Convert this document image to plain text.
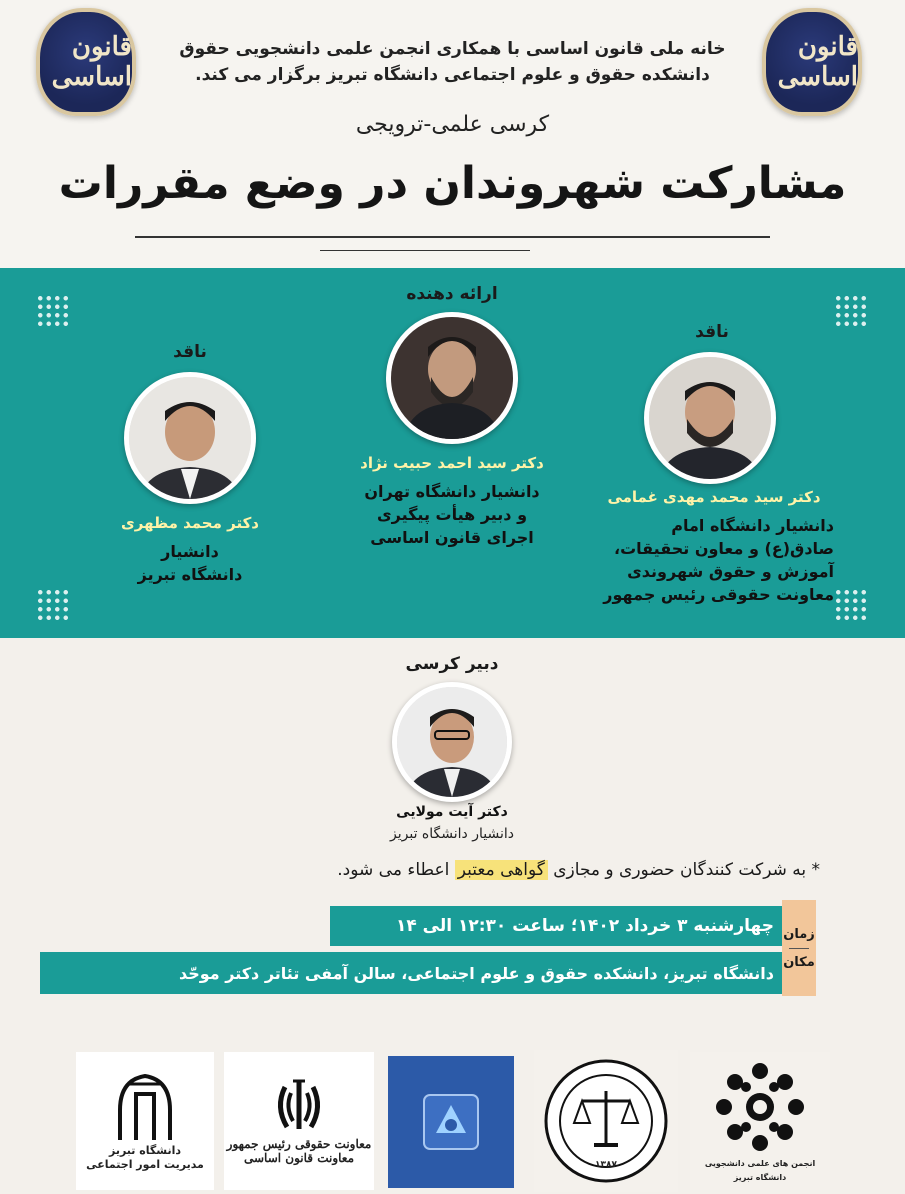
قانون اساسی
قانون اساسی
خانه ملی قانون اساسی با همکاری انجمن علمی دانشجویی حقوق
دانشکده حقوق و علوم اجتماعی دانشگاه تبریز برگزار می کند.
کرسی علمی-ترویجی
مشارکت شهروندان در وضع مقررات
ارائه دهنده
دکتر سید احمد حبیب نژاد
دانشیار دانشگاه تهران
و دبیر هیأت پیگیری
اجرای قانون اساسی
ناقد
دکتر محمد مظهری
دانشیار
دانشگاه تبریز
ناقد
دکتر سید محمد مهدی غمامی
دانشیار دانشگاه امام
صادق(ع) و معاون تحقیقات،
آموزش و حقوق شهروندی
معاونت حقوقی رئیس جمهور
دبیر کرسی
دکتر آیت مولایی
دانشیار دانشگاه تبریز
* به شرکت کنندگان حضوری و مجازی گواهی معتبر اعطاء می شود.
زمان
مکان
چهارشنبه ۳ خرداد ۱۴۰۲؛ ساعت ۱۲:۳۰ الی ۱۴
دانشگاه تبریز، دانشکده حقوق و علوم اجتماعی، سالن آمفی تئاتر دکتر موحّد
دانشگاه تبریز
مدیریت امور اجتماعی
معاونت حقوقی رئیس جمهور
معاونت قانون اساسی	۱۳۸۷	انجمن های علمی دانشجویی دانشگاه تبریز
